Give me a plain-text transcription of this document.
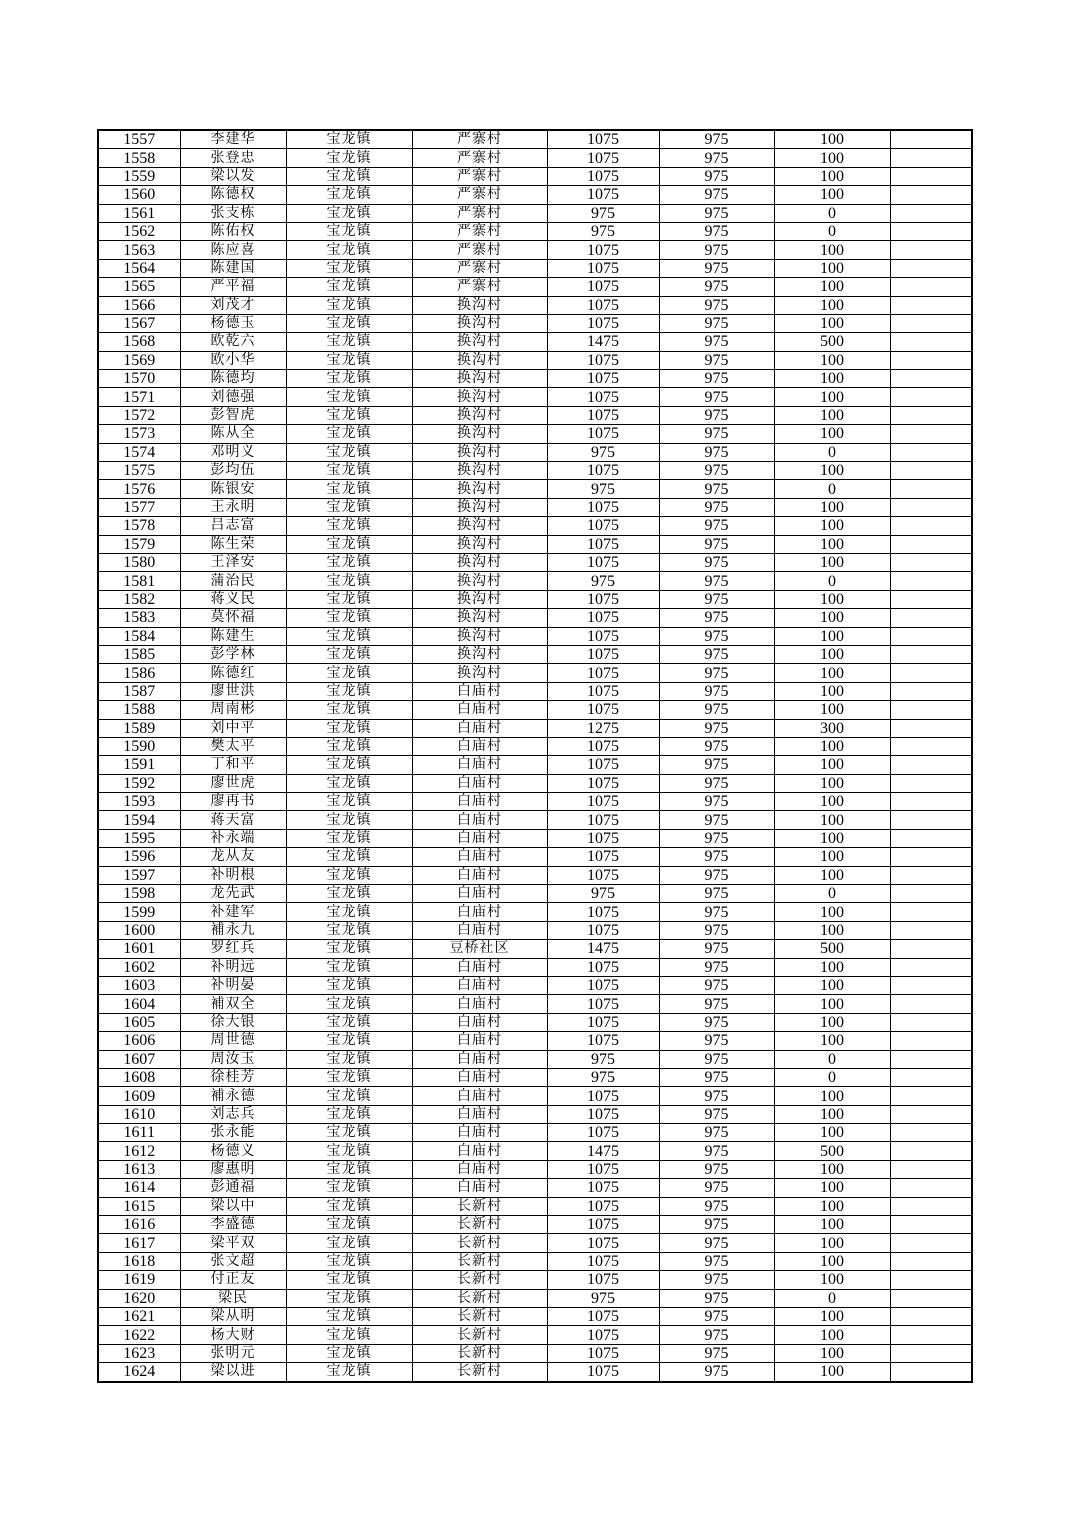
1557	李建华	宝龙镇	严寨村	1075	975	100	
1558	张登忠	宝龙镇	严寨村	1075	975	100	
1559	梁以发	宝龙镇	严寨村	1075	975	100	
1560	陈德权	宝龙镇	严寨村	1075	975	100	
1561	张支栋	宝龙镇	严寨村	975	975	0	
1562	陈佑权	宝龙镇	严寨村	975	975	0	
1563	陈应喜	宝龙镇	严寨村	1075	975	100	
1564	陈建国	宝龙镇	严寨村	1075	975	100	
1565	严平福	宝龙镇	严寨村	1075	975	100	
1566	刘茂才	宝龙镇	换沟村	1075	975	100	
1567	杨德玉	宝龙镇	换沟村	1075	975	100	
1568	欧乾六	宝龙镇	换沟村	1475	975	500	
1569	欧小华	宝龙镇	换沟村	1075	975	100	
1570	陈德均	宝龙镇	换沟村	1075	975	100	
1571	刘德强	宝龙镇	换沟村	1075	975	100	
1572	彭智虎	宝龙镇	换沟村	1075	975	100	
1573	陈从全	宝龙镇	换沟村	1075	975	100	
1574	邓明义	宝龙镇	换沟村	975	975	0	
1575	彭均伍	宝龙镇	换沟村	1075	975	100	
1576	陈银安	宝龙镇	换沟村	975	975	0	
1577	王永明	宝龙镇	换沟村	1075	975	100	
1578	吕志富	宝龙镇	换沟村	1075	975	100	
1579	陈生荣	宝龙镇	换沟村	1075	975	100	
1580	王泽安	宝龙镇	换沟村	1075	975	100	
1581	蒲治民	宝龙镇	换沟村	975	975	0	
1582	蒋义民	宝龙镇	换沟村	1075	975	100	
1583	莫怀福	宝龙镇	换沟村	1075	975	100	
1584	陈建生	宝龙镇	换沟村	1075	975	100	
1585	彭学林	宝龙镇	换沟村	1075	975	100	
1586	陈德红	宝龙镇	换沟村	1075	975	100	
1587	廖世洪	宝龙镇	白庙村	1075	975	100	
1588	周南彬	宝龙镇	白庙村	1075	975	100	
1589	刘中平	宝龙镇	白庙村	1275	975	300	
1590	樊太平	宝龙镇	白庙村	1075	975	100	
1591	丁和平	宝龙镇	白庙村	1075	975	100	
1592	廖世虎	宝龙镇	白庙村	1075	975	100	
1593	廖再书	宝龙镇	白庙村	1075	975	100	
1594	蒋天富	宝龙镇	白庙村	1075	975	100	
1595	补永端	宝龙镇	白庙村	1075	975	100	
1596	龙从友	宝龙镇	白庙村	1075	975	100	
1597	补明根	宝龙镇	白庙村	1075	975	100	
1598	龙先武	宝龙镇	白庙村	975	975	0	
1599	补建军	宝龙镇	白庙村	1075	975	100	
1600	補永九	宝龙镇	白庙村	1075	975	100	
1601	罗红兵	宝龙镇	豆桥社区	1475	975	500	
1602	补明远	宝龙镇	白庙村	1075	975	100	
1603	补明晏	宝龙镇	白庙村	1075	975	100	
1604	補双全	宝龙镇	白庙村	1075	975	100	
1605	徐大银	宝龙镇	白庙村	1075	975	100	
1606	周世德	宝龙镇	白庙村	1075	975	100	
1607	周汝玉	宝龙镇	白庙村	975	975	0	
1608	徐桂芳	宝龙镇	白庙村	975	975	0	
1609	補永德	宝龙镇	白庙村	1075	975	100	
1610	刘志兵	宝龙镇	白庙村	1075	975	100	
1611	张永能	宝龙镇	白庙村	1075	975	100	
1612	杨德义	宝龙镇	白庙村	1475	975	500	
1613	廖惠明	宝龙镇	白庙村	1075	975	100	
1614	彭通福	宝龙镇	白庙村	1075	975	100	
1615	梁以中	宝龙镇	长新村	1075	975	100	
1616	李盛德	宝龙镇	长新村	1075	975	100	
1617	梁平双	宝龙镇	长新村	1075	975	100	
1618	张文超	宝龙镇	长新村	1075	975	100	
1619	付正友	宝龙镇	长新村	1075	975	100	
1620	梁民	宝龙镇	长新村	975	975	0	
1621	梁从明	宝龙镇	长新村	1075	975	100	
1622	杨大财	宝龙镇	长新村	1075	975	100	
1623	张明元	宝龙镇	长新村	1075	975	100	
1624	梁以进	宝龙镇	长新村	1075	975	100	
